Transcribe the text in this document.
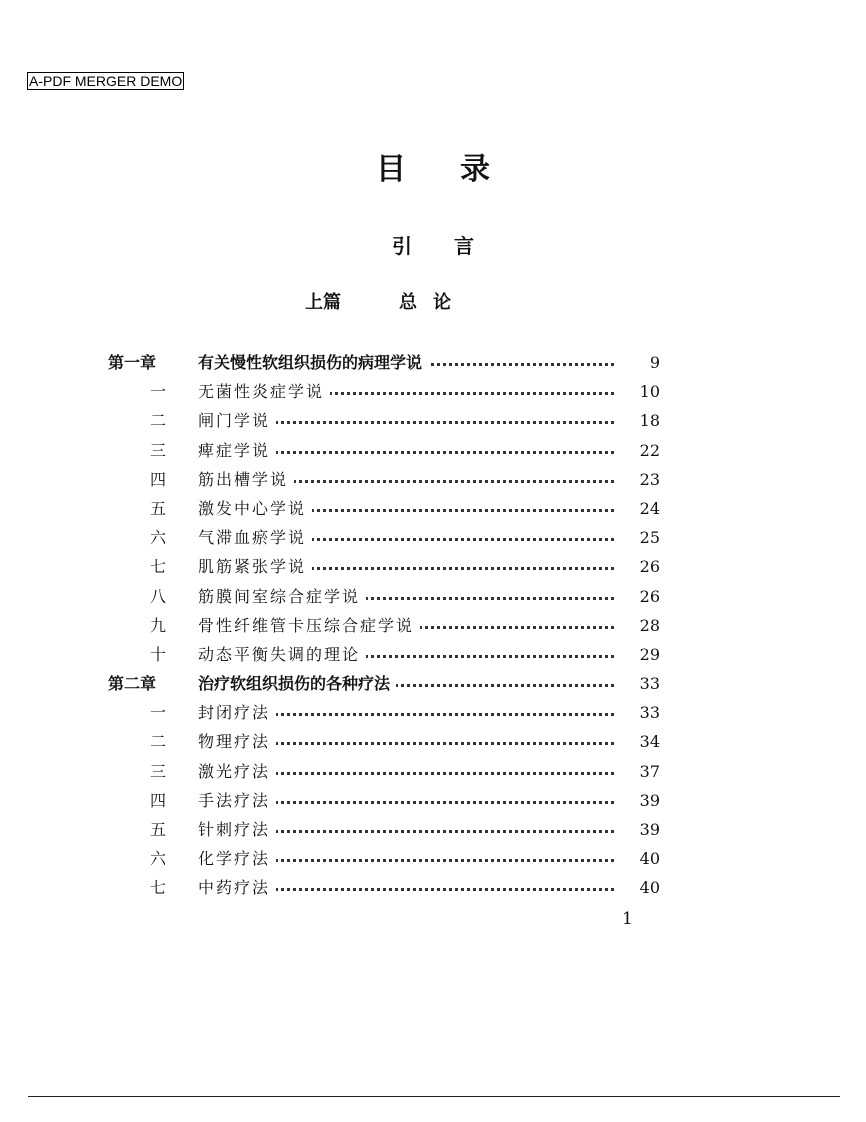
A-PDF MERGER DEMO
目录
引言
上篇	总论
第一章	有关慢性软组织损伤的病理学说	9
一 无菌性炎症学说	10
二 闸门学说	18
三 痺症学说	22
四 筋出槽学说	23
五 激发中心学说	24
六 气滞血瘀学说	25
七 肌筋紧张学说	26
八 筋膜间室综合症学说	26
九 骨性纤维管卡压综合症学说	28
十 动态平衡失调的理论	29
第二章	治疗软组织损伤的各种疗法	33
一 封闭疗法	33
二 物理疗法	34
三 激光疗法	37
四 手法疗法	39
五 针刺疗法	39
六 化学疗法	40
七 中药疗法	40
1
